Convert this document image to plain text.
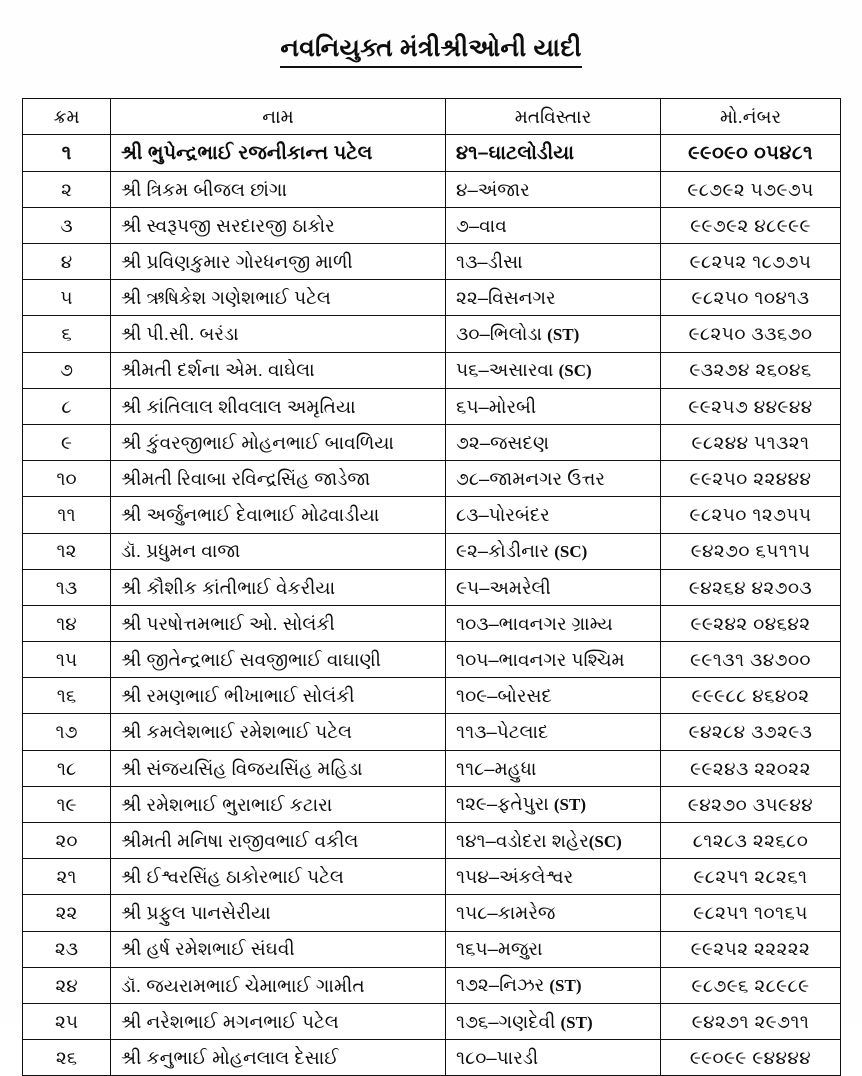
નવનિયુક્ત મંત્રીશ્રીઓની યાદી
ક્રમ	નામ	મતવિસ્તાર	મો.નંબર
૧	શ્રી ભુપેન્દ્રભાઈ રજનીકાન્ત પટેલ	૪૧–ઘાટલોડીયા	૯૯૦૯૦ ૦૫૪૮૧
૨	શ્રી ત્રિકમ બીજલ છાંગા	૪–અંજાર	૯૮૭૯૨ ૫૭૯૭૫
૩	શ્રી સ્વરૂપજી સરદારજી ઠાકોર	૭–વાવ	૯૯૭૯૨ ૪૮૯૯૯
૪	શ્રી પ્રવિણકુમાર ગોરધનજી માળી	૧૩–ડીસા	૯૮૨૫૨ ૧૮૭૭૫
૫	શ્રી ઋષિકેશ ગણેશભાઈ પટેલ	૨૨–વિસનગર	૯૮૨૫૦ ૧૦૪૧૩
૬	શ્રી પી.સી. બરંડા	૩૦–ભિલોડા (ST)	૯૮૨૫૦ ૩૩૬૭૦
૭	શ્રીમતી દર્શના એમ. વાઘેલા	૫૬–અસારવા (SC)	૯૩૨૭૪ ૨૬૦૪૬
૮	શ્રી કાંતિલાલ શીવલાલ અમૃતિયા	૬૫–મોરબી	૯૯૨૫૭ ૪૪૯૪૪
૯	શ્રી કુંવરજીભાઈ મોહનભાઈ બાવળિયા	૭૨–જસદણ	૯૮૨૪૪ ૫૧૩૨૧
૧૦	શ્રીમતી રિવાબા રવિન્દ્રસિંહ જાડેજા	૭૮–જામનગર ઉત્તર	૯૯૨૫૦ ૨૨૪૪૪
૧૧	શ્રી અર્જુનભાઈ દેવાભાઈ મોઢવાડીયા	૮૩–પોરબંદર	૯૮૨૫૦ ૧૨૭૫૫
૧૨	ડૉ. પ્રધુમન વાજા	૯૨–કોડીનાર (SC)	૯૪૨૭૦ ૬૫૧૧૫
૧૩	શ્રી કૌશીક કાંતીભાઈ વેકરીયા	૯૫–અમરેલી	૯૪૨૬૪ ૪૨૭૦૩
૧૪	શ્રી પરષોત્તમભાઈ ઓ. સોલંકી	૧૦૩–ભાવનગર ગ્રામ્ય	૯૯૨૪૨ ૦૪૬૪૨
૧૫	શ્રી જીતેન્દ્રભાઈ સવજીભાઈ વાઘાણી	૧૦૫–ભાવનગર પશ્ચિમ	૯૯૧૩૧ ૩૪૭૦૦
૧૬	શ્રી રમણભાઈ ભીખાભાઈ સોલંકી	૧૦૯–બોરસદ	૯૯૯૮૮ ૪૬૪૦૨
૧૭	શ્રી કમલેશભાઈ રમેશભાઈ પટેલ	૧૧૩–પેટલાદ	૯૪૨૮૪ ૩૭૨૯૩
૧૮	શ્રી સંજયસિંહ વિજયસિંહ મહિડા	૧૧૮–મહુધા	૯૯૨૪૩ ૨૨૦૨૨
૧૯	શ્રી રમેશભાઈ ભુરાભાઈ કટારા	૧૨૯–ફતેપુરા (ST)	૯૪૨૭૦ ૩૫૯૪૪
૨૦	શ્રીમતી મનિષા રાજીવભાઈ વકીલ	૧૪૧–વડોદરા શહેર(SC)	૮૧૨૮૩ ૨૨૬૮૦
૨૧	શ્રી ઈશ્વરસિંહ ઠાકોરભાઈ પટેલ	૧૫૪–અંકલેશ્વર	૯૮૨૫૧ ૨૮૨૬૧
૨૨	શ્રી પ્રફુલ પાનસેરીયા	૧૫૮–કામરેજ	૯૮૨૫૧ ૧૦૧૬૫
૨૩	શ્રી હર્ષ રમેશભાઈ સંઘવી	૧૬૫–મજુરા	૯૯૨૫૨ ૨૨૨૨૨
૨૪	ડૉ. જયરામભાઈ ચેમાભાઈ ગામીત	૧૭૨–નિઝર (ST)	૯૮૭૯૬ ૨૮૯૮૯
૨૫	શ્રી નરેશભાઈ મગનભાઈ પટેલ	૧૭૬–ગણદેવી (ST)	૯૪૨૭૧ ૨૯૭૧૧
૨૬	શ્રી કનુભાઈ મોહનલાલ દેસાઈ	૧૮૦–પારડી	૯૯૦૯૯ ૯૪૪૪૪
